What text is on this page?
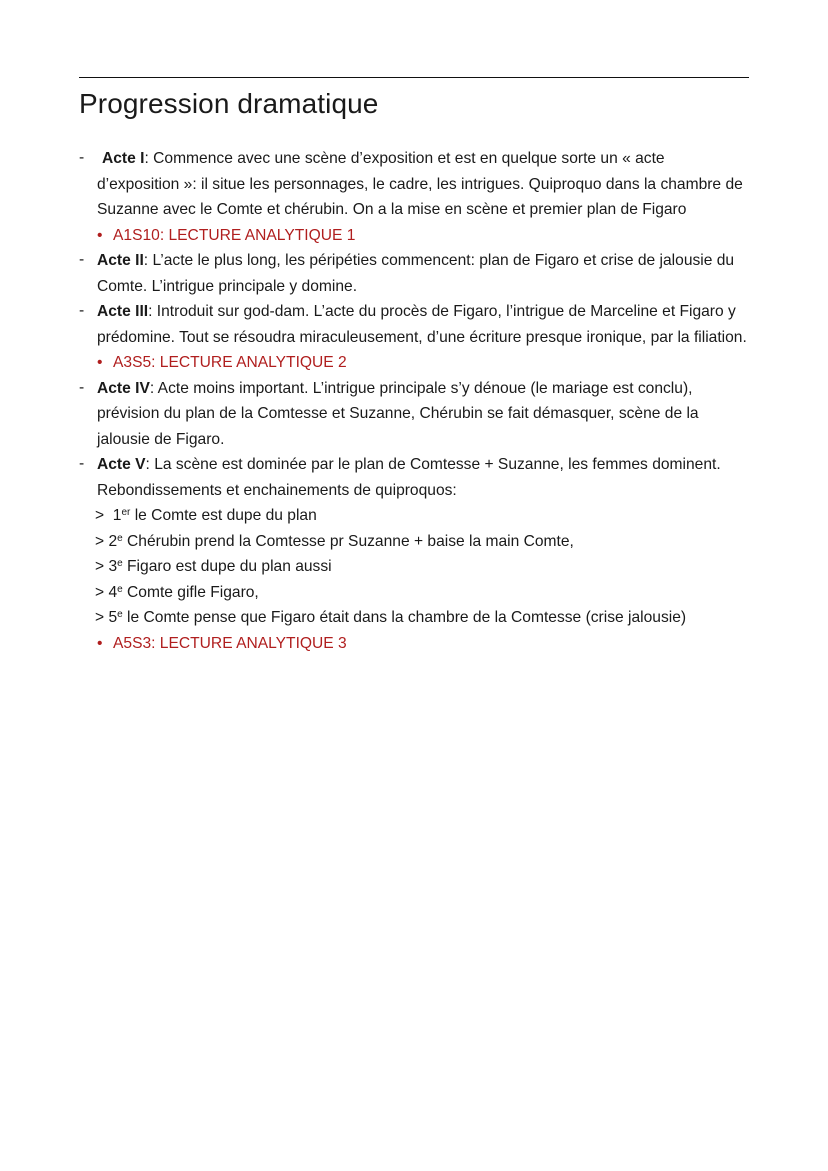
Progression dramatique
- Acte I: Commence avec une scène d’exposition et est en quelque sorte un « acte d’exposition »: il situe les personnages, le cadre, les intrigues. Quiproquo dans la chambre de Suzanne avec le Comte et chérubin. On a la mise en scène et premier plan de Figaro
• A1S10: LECTURE ANALYTIQUE 1
- Acte II: L’acte le plus long, les péripéties commencent: plan de Figaro et crise de jalousie du Comte. L’intrigue principale y domine.
- Acte III: Introduit sur god-dam. L’acte du procès de Figaro, l’intrigue de Marceline et Figaro y prédomine. Tout se résoudra miraculeusement, d’une écriture presque ironique, par la filiation.
• A3S5: LECTURE ANALYTIQUE 2
- Acte IV: Acte moins important. L’intrigue principale s’y dénoue (le mariage est conclu), prévision du plan de la Comtesse et Suzanne, Chérubin se fait démasquer, scène de la jalousie de Figaro.
- Acte V: La scène est dominée par le plan de Comtesse + Suzanne, les femmes dominent. Rebondissements et enchainements de quiproquos:
>  1er le Comte est dupe du plan
> $2^e$ Chérubin prend la Comtesse pr Suzanne + baise la main Comte,
> $3^e$ Figaro est dupe du plan aussi
> $4^e$ Comte gifle Figaro,
> $5^e$ le Comte pense que Figaro était dans la chambre de la Comtesse (crise jalousie)
• A5S3: LECTURE ANALYTIQUE 3
